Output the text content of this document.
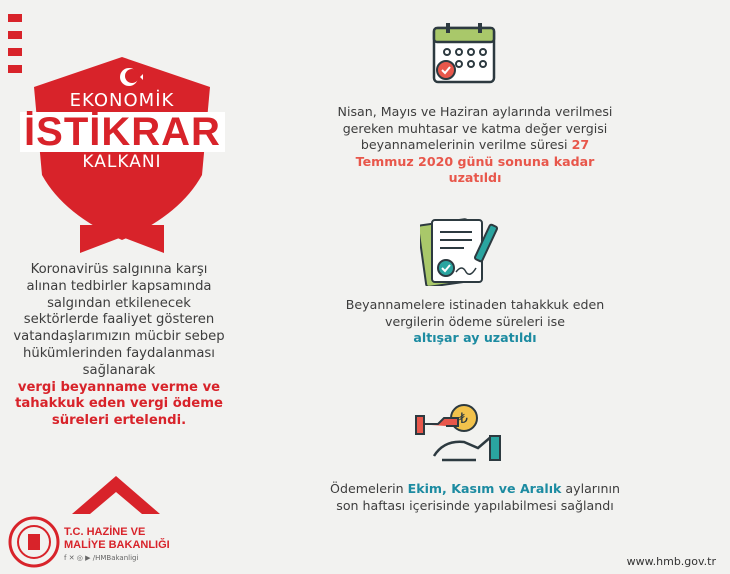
EKONOMİK
İSTİKRAR
KALKANI
Koronavirüs salgınına karşı alınan tedbirler kapsamında salgından etkilenecek sektörlerde faaliyet gösteren vatandaşlarımızın mücbir sebep hükümlerinden faydalanması sağlanarak
vergi beyanname verme ve tahakkuk eden vergi ödeme süreleri ertelendi.
T.C. HAZİNE VE
MALİYE BAKANLIĞI
f ✕ ◎ ▶ /HMBakanligi
Nisan, Mayıs ve Haziran aylarında verilmesi gereken muhtasar ve katma değer vergisi beyannamelerinin verilme süresi 27 Temmuz 2020 günü sonuna kadar uzatıldı
Beyannamelere istinaden tahakkuk eden vergilerin ödeme süreleri ise
altışar ay uzatıldı
₺
Ödemelerin Ekim, Kasım ve Aralık aylarının son haftası içerisinde yapılabilmesi sağlandı
www.hmb.gov.tr
